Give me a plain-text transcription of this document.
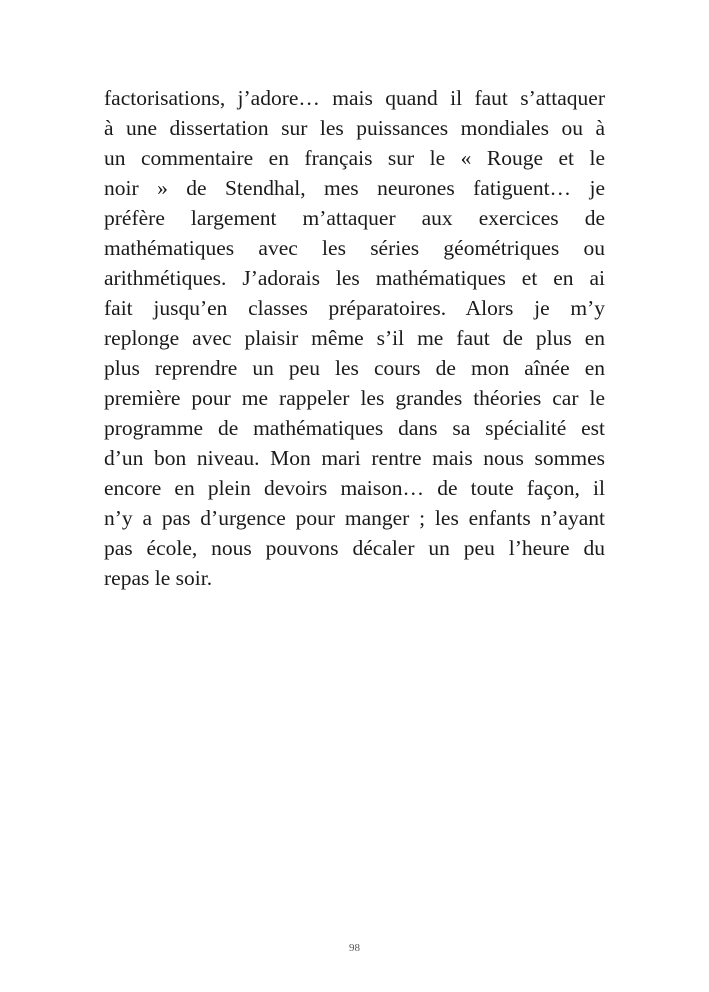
factorisations, j’adore… mais quand il faut s’attaquer
à une dissertation sur les puissances mondiales ou à
un commentaire en français sur le « Rouge et le
noir » de Stendhal, mes neurones fatiguent… je
préfère largement m’attaquer aux exercices de
mathématiques avec les séries géométriques ou
arithmétiques. J’adorais les mathématiques et en ai
fait jusqu’en classes préparatoires. Alors je m’y
replonge avec plaisir même s’il me faut de plus en
plus reprendre un peu les cours de mon aînée en
première pour me rappeler les grandes théories car le
programme de mathématiques dans sa spécialité est
d’un bon niveau. Mon mari rentre mais nous sommes
encore en plein devoirs maison… de toute façon, il
n’y a pas d’urgence pour manger ; les enfants n’ayant
pas école, nous pouvons décaler un peu l’heure du
repas le soir.
98
